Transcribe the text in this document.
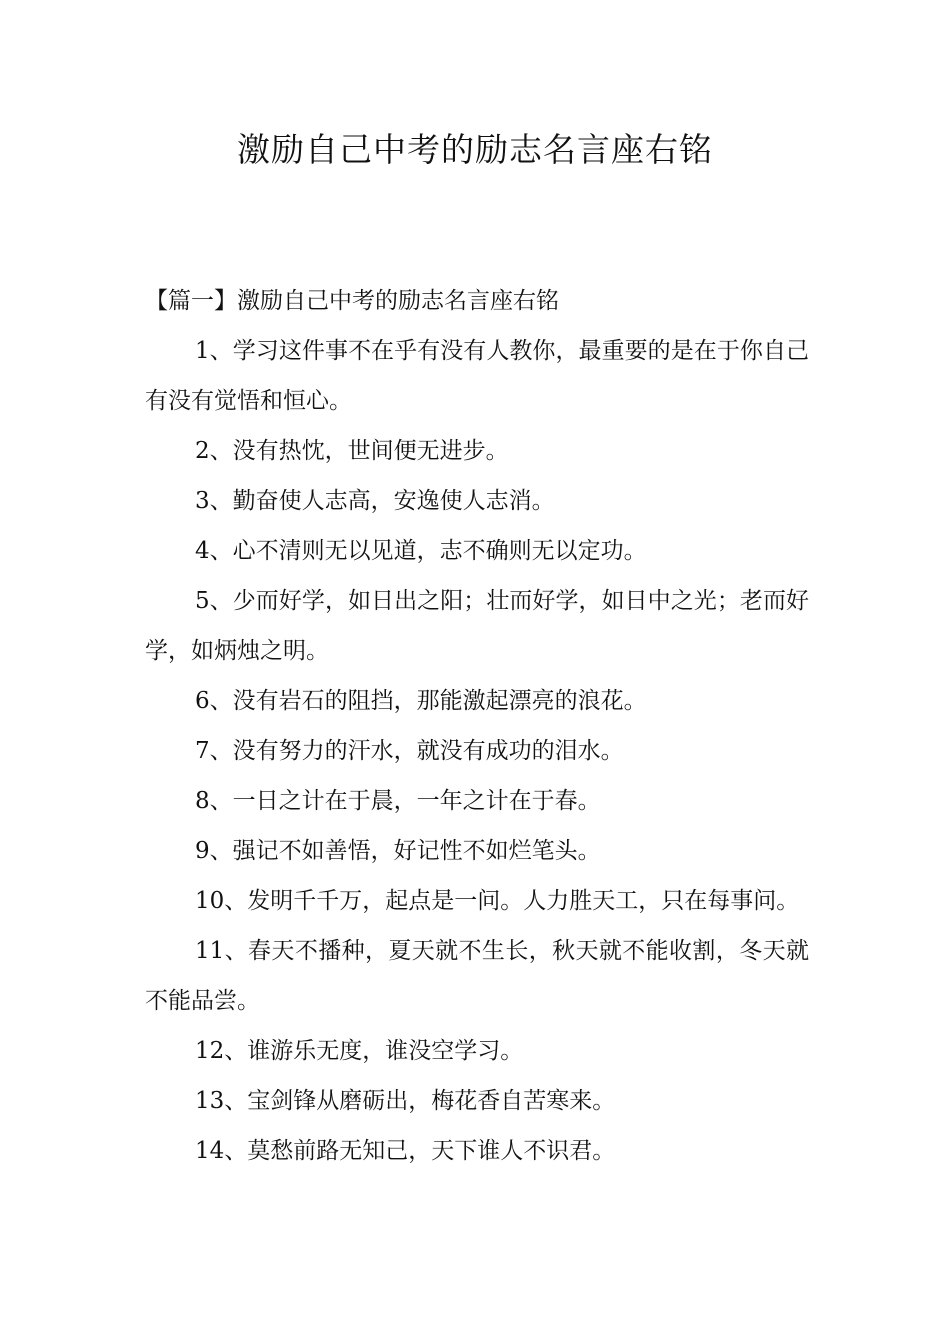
激励自己中考的励志名言座右铭

【篇一】激励自己中考的励志名言座右铭

1、学习这件事不在乎有没有人教你，最重要的是在于你自己有没有觉悟和恒心。

2、没有热忱，世间便无进步。

3、勤奋使人志高，安逸使人志消。

4、心不清则无以见道，志不确则无以定功。

5、少而好学，如日出之阳；壮而好学，如日中之光；老而好学，如炳烛之明。

6、没有岩石的阻挡，那能激起漂亮的浪花。

7、没有努力的汗水，就没有成功的泪水。

8、一日之计在于晨，一年之计在于春。

9、强记不如善悟，好记性不如烂笔头。

10、发明千千万，起点是一问。人力胜天工，只在每事问。

11、春天不播种，夏天就不生长，秋天就不能收割，冬天就不能品尝。

12、谁游乐无度，谁没空学习。

13、宝剑锋从磨砺出，梅花香自苦寒来。

14、莫愁前路无知己，天下谁人不识君。
